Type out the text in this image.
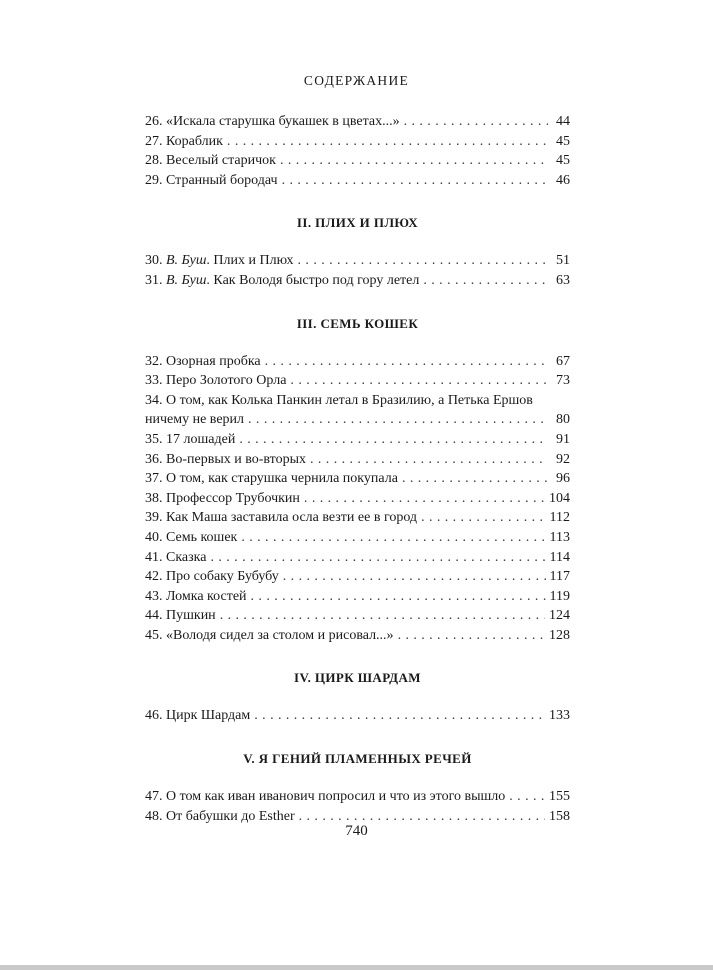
СОДЕРЖАНИЕ
26. «Искала старушка букашек в цветах...» .....	44
27. Кораблик .....	45
28. Веселый старичок .....	45
29. Странный бородач .....	46
II. ПЛИХ И ПЛЮХ
30. В. Буш. Плих и Плюх .....	51
31. В. Буш. Как Володя быстро под гору летел .....	63
III. СЕМЬ КОШЕК
32. Озорная пробка .....	67
33. Перо Золотого Орла .....	73
34. О том, как Колька Панкин летал в Бразилию, а Петька Ершов
ничему не верил .....	80
35. 17 лошадей .....	91
36. Во-первых и во-вторых .....	92
37. О том, как старушка чернила покупала .....	96
38. Профессор Трубочкин .....	104
39. Как Маша заставила осла везти ее в город .....	112
40. Семь кошек .....	113
41. Сказка .....	114
42. Про собаку Бубубу .....	117
43. Ломка костей .....	119
44. Пушкин .....	124
45. «Володя сидел за столом и рисовал...» .....	128
IV. ЦИРК ШАРДАМ
46. Цирк Шардам .....	133
V. Я ГЕНИЙ ПЛАМЕННЫХ РЕЧЕЙ
47. О том как иван иванович попросил и что из этого вышло .....	155
48. От бабушки до Esther .....	158
740
